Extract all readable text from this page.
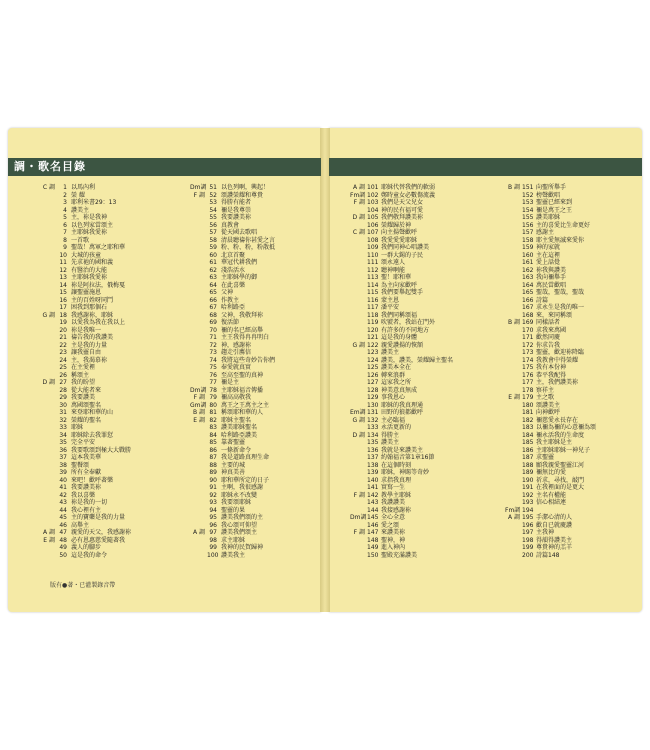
調・歌名目錄
C 調	1 以馬內利
2 榮 耀
3 耶利米書29：13
4 讚美主
5 主，祢是我神
6 以色列家當頌主
7 主耶穌我愛祢
8 一首歌
9 聖哉！萬軍之耶和華
10 大城的孩童
11 先求祂的國和義
12 有醫治的大能
13 主耶穌我愛祢
14 祢是阿拉法，俄梅戛
15 讓聖靈施恩
16 主的百姓呀同鬥
17 困我到那個石
G 調 18 我感謝祢，耶穌
19 以愛我為我在我以上
20 祢是我唯一
21 禱告我的我讚美
22 主是我的力量
23 讓我靈自由
24 主，我渴慕祢
25 在主愛裡
26 稱頌主
D 調 27 我的盼望
28 從大能者來
29 我要讚美
30 萬國頌聖名
31 來登耶和華的山
32 榮耀的聖名
33 耶穌
34 耶穌除去我罪愆
35 完全平安
36 我要歌頌到極大大戰勝
37 這本我美華
38 聖餐頌
39 所有全奉獻
40 來吧！歡呼著樂
41 我要讚美祢
42 我以喜樂
43 祢是我的一切
44 我心裡有主
45 主的寶藥是我的力量
46 高舉主
A 調 47 親愛的天父，我感謝祢
E 調 48 必有恩惠慈愛隨著我
49 義人的腳步
50 這是我的命令
Dm調 51 以色列啊，興起！
F 調 52 頌讚榮耀和尊貴
53 得勝有能者
54 禰是我尊崇
55 我要讚美祢
56 真教會
57 從天國去歌唱
58 清晨聽禱你甚愛之言
59 粉、粉、粉，粉散抵
60 北京首聚
61 華冠代耕我們
62 淺浩活水
63 主耶穌學的御
64 在此喜樂
65 父神
66 作教主
67 哈利路亞
68 父神，我敬拜祢
69 復活節
70 禰的名已經高舉
71 主王我得冉冉明白
72 神，感謝祢
73 趨走引薦信
74 我將這些奇妙告你們
75 奉愛就真實
76 至高至聖的真神
77 禰是主
Dm調 78 主耶穌福音傳播
F 調 79 禰高高敬我
Gm調 80 萬王之王萬主之主
B 調 81 稱頌耶和華的人
E 調 82 耶穌主聖名
83 讚美耶穌聖名
84 哈利路亞讚美
85 靠著聖靈
86 一條新命令
87 我是道路真理生命
88 主要的城
89 神真美善
90 耶和華所定的日子
91 主啊，我很感謝
92 耶穌永不改變
93 我要頌耶穌
94 聖靈的果
95 讚美我們頌的主
96 我心頌可仰望
A 調 97 讚美我們頌主
98 求主耶穌
99 我神的民賀歸神
100 讚美我主
A 調 101 耶穌代替我們的軟弱
Fm調 102 鄭時童女必數傷流義
F 調 103 我們是天父兒女
104 神的民有福可愛
D 調 105 我們敬拜讚美祢
106 榮耀歸於神
C 調 107 向主揚聲歡呼
108 我愛愛愛耶穌
109 我們同神心唱讚美
110 一群大錫的子民
111 頌永遠人
112 聽神啊能
113 聖！耶和華
114 為主向家歡呼
115 我們要舉起雙手
116 蒙主恩
117 潘平安
118 我們同稱頌福
119 吹號者，我站在門外
120 有許多的不同地方
121 這是我的身體
G 調 122 親愛讚揚的恢額
123 讚美主
124 讚美，讚美，榮耀歸主聖名
125 讚美本全在
126 轉來浪群
127 這家我之所
128 神美意真無成
129 事我恩心
130 耶穌的我真理通
Em調 131 田野的狼都歡呼
G 調 132 主必臨福
133 永活更新的
D 調 134 得勝主
135 讚美主
136 我就是來讚美主
137 約翰福音第1章16節
138 在這個時刻
139 耶穌，神賜等奇妙
140 求指我真理
141 實寫一生
F 調 142 教學主耶穌
143 我讚讚美
144 我接感謝祢
Dm調 145 全心全意
146 愛之頌
F 調 147 來讚美祢
148 聖神，神
149 進入神內
150 聖殿充滿讚美
B 調 151 向聖所舉手
152 榜聲歡唱
153 聖靈已經來到
154 禰是萬王之王
155 讚美耶穌
156 主的喜愛比生命更好
157 感謝主
158 耶主愛無滅來愛你
159 神的家就
160 主在這裡
161 愛上話覺
162 祢我與讚美
163 我向禰舉手
164 萬民當歡唱
165 聖哉，聖哉，聖哉
166 詩篇
167 求永生是我的唯一
168 來，來同稱頌
B 調 169 同樣話者
170 求我來萬國
171 歡然同慶
172 你求告我
173 聖靈，歡迎祢降臨
174 我教會中得榮耀
175 我有本份神
176 恭平我配得
177 主，我們讚美祢
178 察祥主
E 調 179 主之歌
180 頌讚美主
181 向神歡呼
182 禰慈愛永長存在
183 以禰為禰的心意禰為頌
184 禰永活我的生命度
185 我主耶穌是主
186 主耶穌耶穌一神兒子
187 求聖靈
188 願我親愛聖靈江河
189 禰無比的愛
190 祈求，尋找，敲門
191 在我裡面的是更大
192 主名有權能
193 信心相結連
Fm調 194
A 調 195 手潔心清的人
196 歡自已就慶讚
197 主我神
198 得韻得讚美主
199 尊貴神的羔羊
200 詩篇148
版有●著・已灌製錄音帶
